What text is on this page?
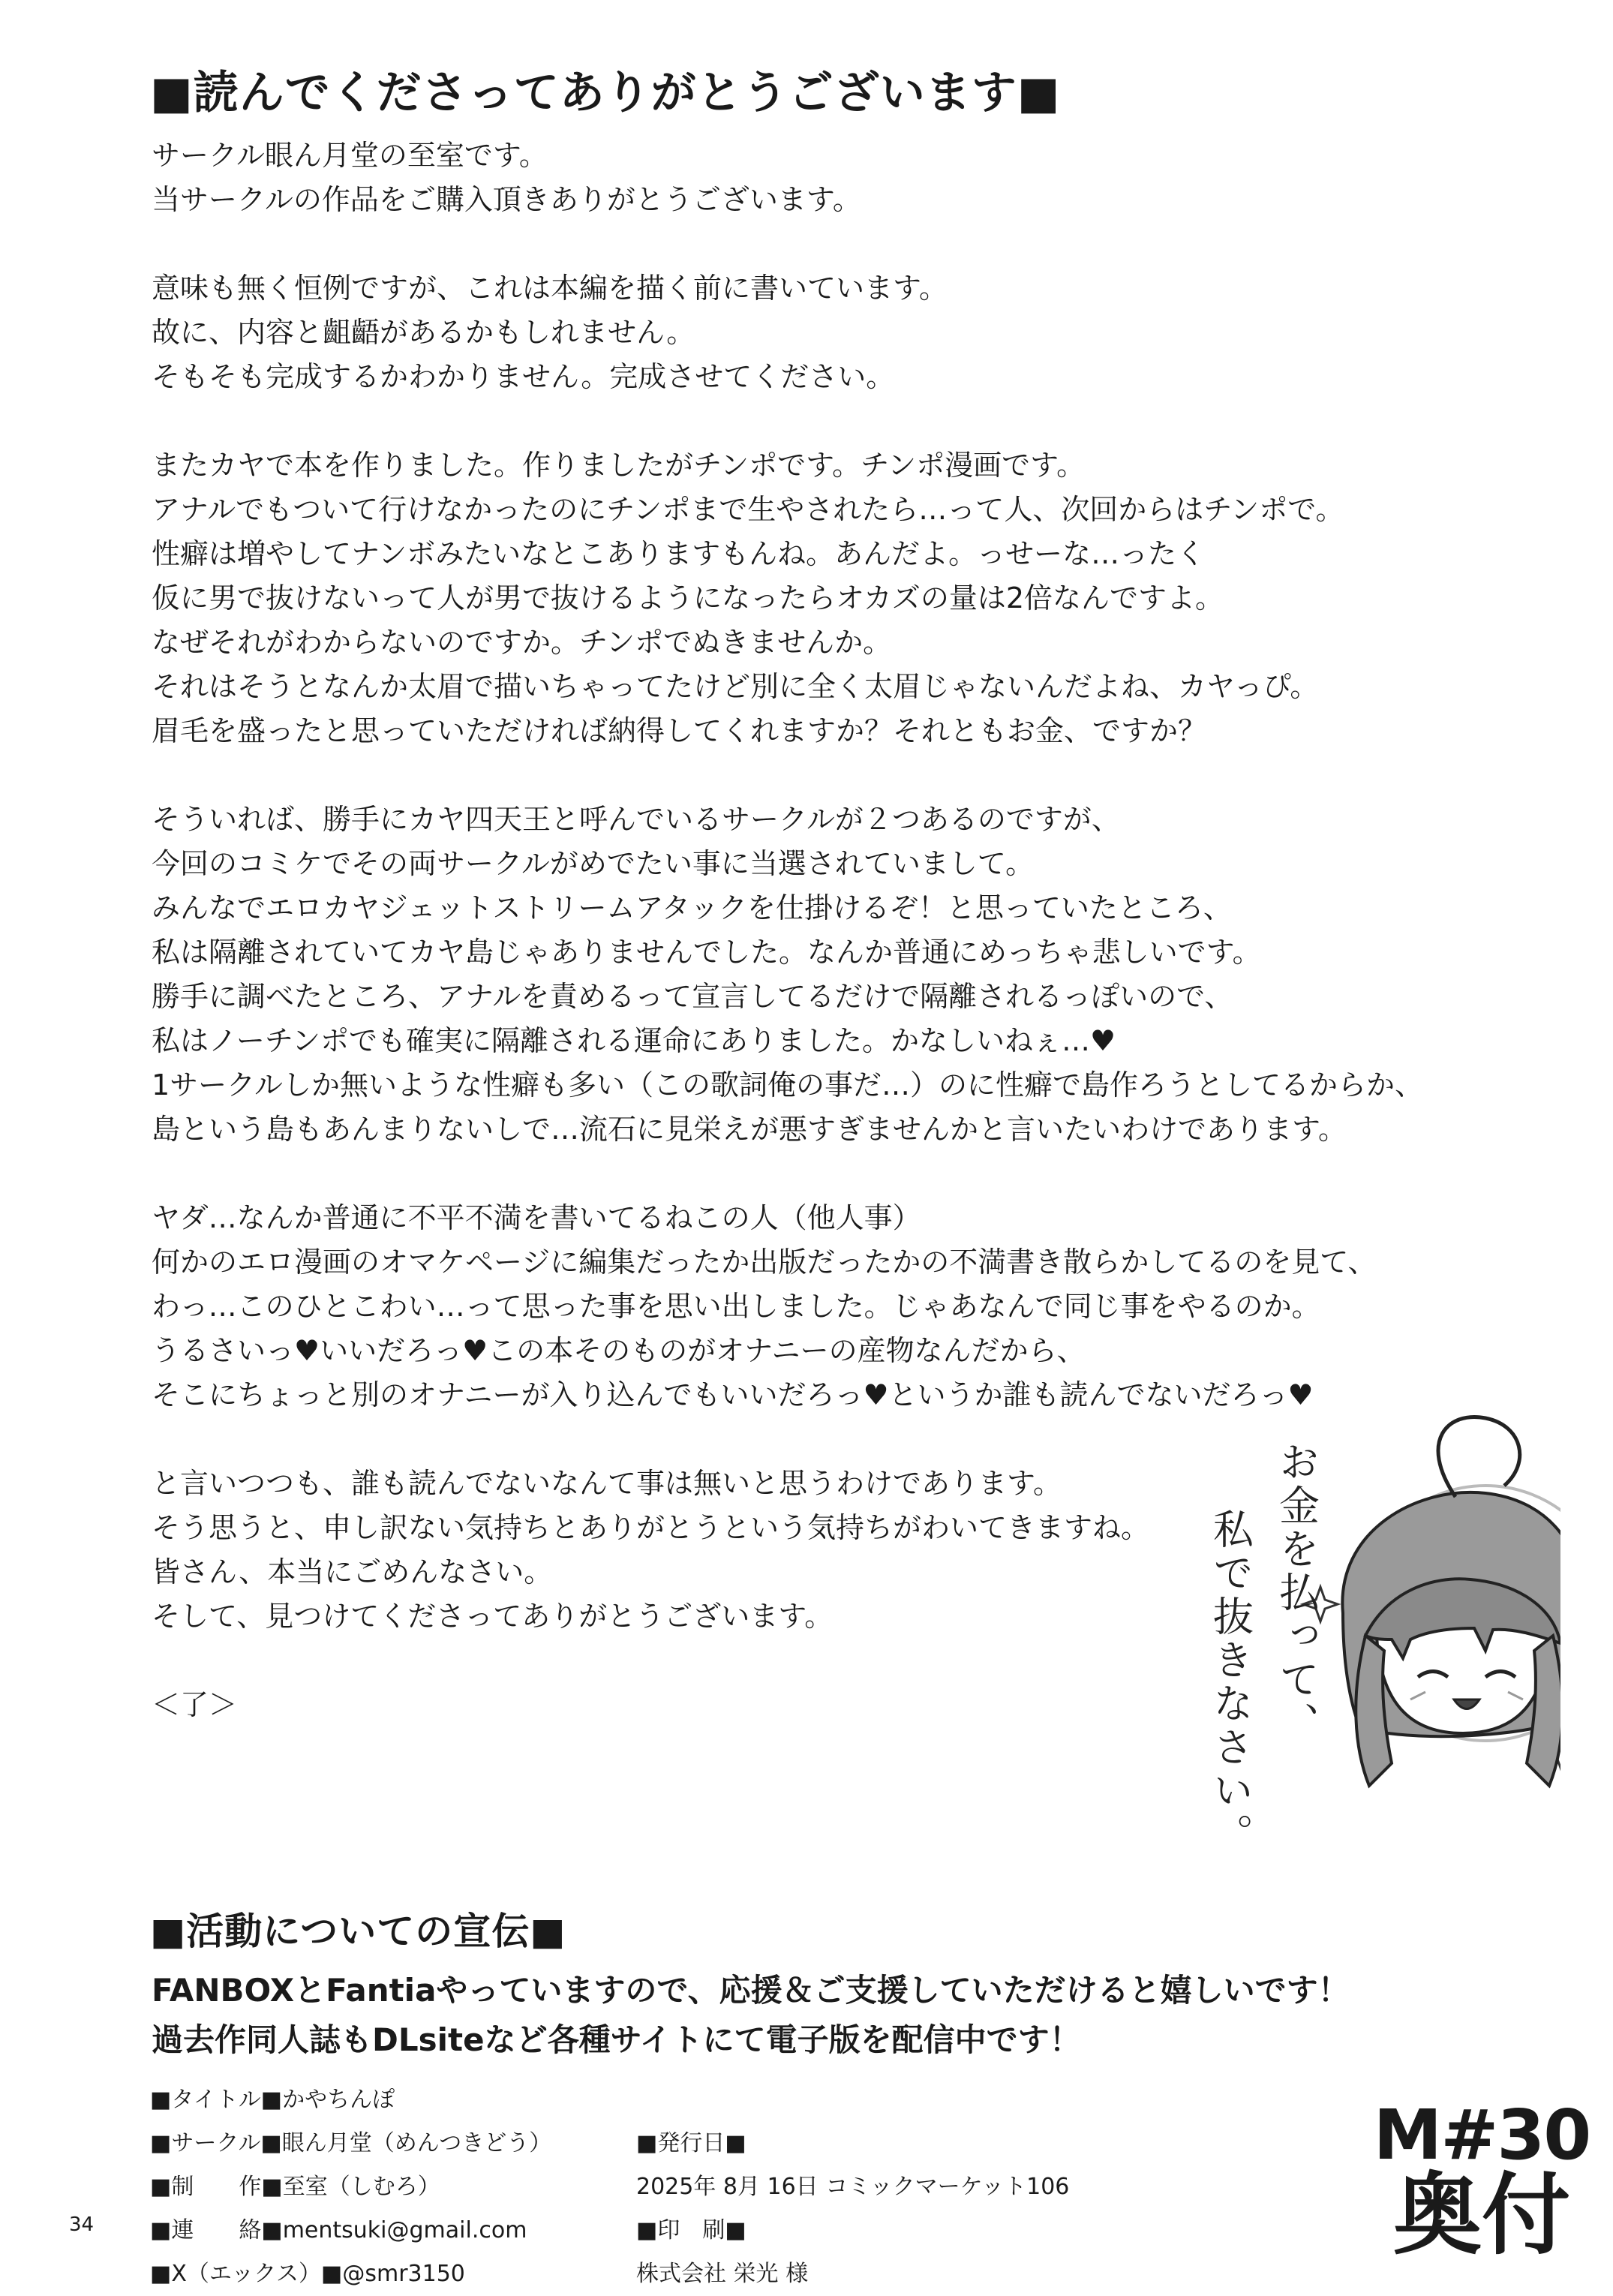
■読んでくださってありがとうございます■
サークル眼ん月堂の至室です。
当サークルの作品をご購入頂きありがとうございます。
意味も無く恒例ですが、これは本編を描く前に書いています。
故に、内容と齟齬があるかもしれません。
そもそも完成するかわかりません。完成させてください。
またカヤで本を作りました。作りましたがチンポです。チンポ漫画です。
アナルでもついて行けなかったのにチンポまで生やされたら…って人、次回からはチンポで。
性癖は増やしてナンボみたいなとこありますもんね。あんだよ。っせーな…ったく
仮に男で抜けないって人が男で抜けるようになったらオカズの量は2倍なんですよ。
なぜそれがわからないのですか。チンポでぬきませんか。
それはそうとなんか太眉で描いちゃってたけど別に全く太眉じゃないんだよね、カヤっぴ。
眉毛を盛ったと思っていただければ納得してくれますか？それともお金、ですか？
そういれば、勝手にカヤ四天王と呼んでいるサークルが２つあるのですが、
今回のコミケでその両サークルがめでたい事に当選されていまして。
みんなでエロカヤジェットストリームアタックを仕掛けるぞ！と思っていたところ、
私は隔離されていてカヤ島じゃありませんでした。なんか普通にめっちゃ悲しいです。
勝手に調べたところ、アナルを責めるって宣言してるだけで隔離されるっぽいので、
私はノーチンポでも確実に隔離される運命にありました。かなしいねぇ…♥
1サークルしか無いような性癖も多い（この歌詞俺の事だ…）のに性癖で島作ろうとしてるからか、
島という島もあんまりないしで…流石に見栄えが悪すぎませんかと言いたいわけであります。
ヤダ…なんか普通に不平不満を書いてるねこの人（他人事）
何かのエロ漫画のオマケページに編集だったか出版だったかの不満書き散らかしてるのを見て、
わっ…このひとこわい…って思った事を思い出しました。じゃあなんで同じ事をやるのか。
うるさいっ♥いいだろっ♥この本そのものがオナニーの産物なんだから、
そこにちょっと別のオナニーが入り込んでもいいだろっ♥というか誰も読んでないだろっ♥
と言いつつも、誰も読んでないなんて事は無いと思うわけであります。
そう思うと、申し訳ない気持ちとありがとうという気持ちがわいてきますね。
皆さん、本当にごめんなさい。
そして、見つけてくださってありがとうございます。
＜了＞	お金を払って、
私で抜きなさい。
■活動についての宣伝■
FANBOXとFantiaやっていますので、応援＆ご支援していただけると嬉しいです！
過去作同人誌もDLsiteなど各種サイトにて電子版を配信中です！
■タイトル■かやちんぽ
■サークル■眼ん月堂（めんつきどう）
■制　　作■至室（しむろ）
■連　　絡■mentsuki@gmail.com
■X（エックス）■@smr3150
■発行日■
2025年 8月 16日 コミックマーケット106
■印　刷■
株式会社 栄光 様
34
M#30
奥付
